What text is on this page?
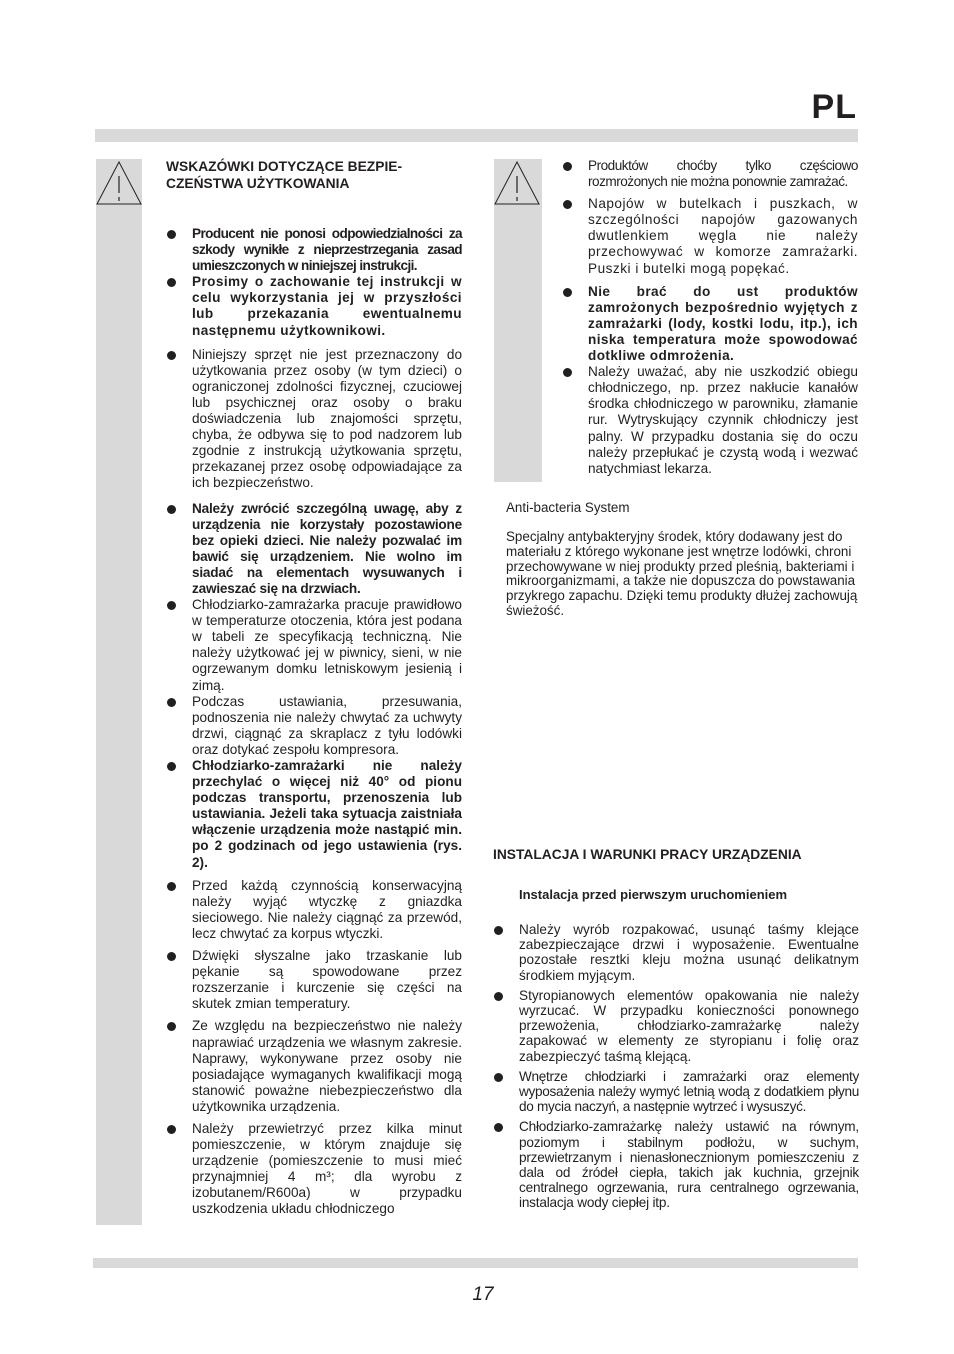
PL
WSKAZÓWKI DOTYCZĄCE BEZPIE-CZEŃSTWA UŻYTKOWANIA
Producent nie ponosi odpowiedzialności za szkody wynikłe z nieprzestrzegania zasad umieszczonych w niniejszej instrukcji.
Prosimy o zachowanie tej instrukcji w celu wykorzystania jej w przyszłości lub przekazania ewentualnemu następnemu użytkownikowi.
Niniejszy sprzęt nie jest przeznaczony do użytkowania przez osoby (w tym dzieci) o ograniczonej zdolności fizycznej, czuciowej lub psychicznej oraz osoby o braku doświadczenia lub znajomości sprzętu, chyba, że odbywa się to pod nadzorem lub zgodnie z instrukcją użytkowania sprzętu, przekazanej przez osobę odpowiadające za ich bezpieczeństwo.
Należy zwrócić szczególną uwagę, aby z urządzenia nie korzystały pozostawione bez opieki dzieci. Nie należy pozwalać im bawić się urządzeniem. Nie wolno im siadać na elementach wysuwanych i zawieszać się na drzwiach.
Chłodziarko-zamrażarka pracuje prawidłowo w temperaturze otoczenia, która jest podana w tabeli ze specyfikacją techniczną. Nie należy użytkować jej w piwnicy, sieni, w nie ogrzewanym domku letniskowym jesienią i zimą.
Podczas ustawiania, przesuwania, podnoszenia nie należy chwytać za uchwyty drzwi, ciągnąć za skraplacz z tyłu lodówki oraz dotykać zespołu kompresora.
Chłodziarko-zamrażarki nie należy przechylać o więcej niż 40° od pionu podczas transportu, przenoszenia lub ustawiania. Jeżeli taka sytuacja zaistniała włączenie urządzenia może nastąpić min. po 2 godzinach od jego ustawienia (rys. 2).
Przed każdą czynnością konserwacyjną należy wyjąć wtyczkę z gniazdka sieciowego. Nie należy ciągnąć za przewód, lecz chwytać za korpus wtyczki.
Dźwięki słyszalne jako trzaskanie lub pękanie są spowodowane przez rozszerzanie i kurczenie się części na skutek zmian temperatury.
Ze względu na bezpieczeństwo nie należy naprawiać urządzenia we własnym zakresie. Naprawy, wykonywane przez osoby nie posiadające wymaganych kwalifikacji mogą stanowić poważne niebezpieczeństwo dla użytkownika urządzenia.
Należy przewietrzyć przez kilka minut pomieszczenie, w którym znajduje się urządzenie (pomieszczenie to musi mieć przynajmniej 4 m³; dla wyrobu z izobutanem/R600a) w przypadku uszkodzenia układu chłodniczego
Produktów choćby tylko częściowo rozmrożonych nie można ponownie zamrażać.
Napojów w butelkach i puszkach, w szczególności napojów gazowanych dwutlenkiem węgla nie należy przechowywać w komorze zamrażarki. Puszki i butelki mogą popękać.
Nie brać do ust produktów zamrożonych bezpośrednio wyjętych z zamrażarki (lody, kostki lodu, itp.), ich niska temperatura może spowodować dotkliwe odmrożenia.
Należy uważać, aby nie uszkodzić obiegu chłodniczego, np. przez nakłucie kanałów środka chłodniczego w parowniku, złamanie rur. Wytryskujący czynnik chłodniczy jest palny. W przypadku dostania się do oczu należy przepłukać je czystą wodą i wezwać natychmiast lekarza.

Anti-bacteria System

Specjalny antybakteryjny środek, który dodawany jest do materiału z którego wykonane jest wnętrze lodówki, chroni przechowywane w niej produkty przed pleśnią, bakteriami i mikroorganizmami, a także nie dopuszcza do powstawania przykrego zapachu. Dzięki temu produkty dłużej zachowują świeżość.

INSTALACJA I WARUNKI PRACY URZĄDZENIA

Instalacja przed pierwszym uruchomieniem

Należy wyrób rozpakować, usunąć taśmy klejące zabezpieczające drzwi i wyposażenie. Ewentualne pozostałe resztki kleju można usunąć delikatnym środkiem myjącym.
Styropianowych elementów opakowania nie należy wyrzucać. W przypadku konieczności ponownego przewożenia, chłodziarko-zamrażarkę należy zapakować w elementy ze styropianu i folię oraz zabezpieczyć taśmą klejącą.
Wnętrze chłodziarki i zamrażarki oraz elementy wyposażenia należy wymyć letnią wodą z dodatkiem płynu do mycia naczyń, a następnie wytrzeć i wysuszyć.
Chłodziarko-zamrażarkę należy ustawić na równym, poziomym i stabilnym podłożu, w suchym, przewietrzanym i nienasłonecznionym pomieszczeniu z dala od źródeł ciepła, takich jak kuchnia, grzejnik centralnego ogrzewania, rura centralnego ogrzewania, instalacja wody ciepłej itp.
17
